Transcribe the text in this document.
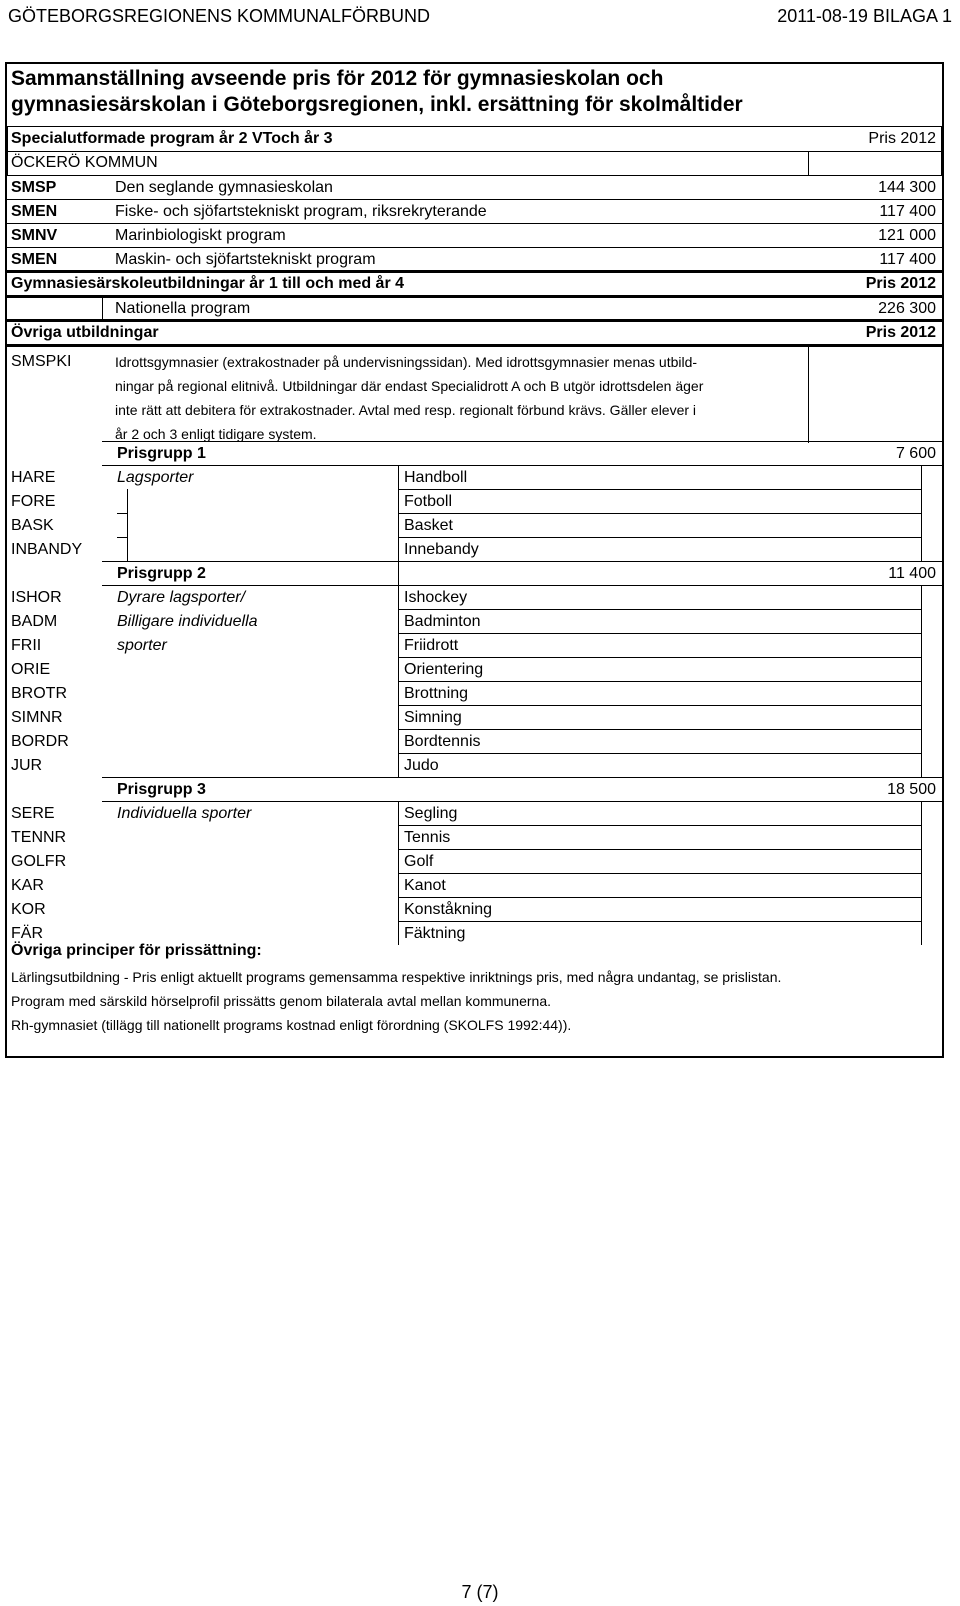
GÖTEBORGSREGIONENS KOMMUNALFÖRBUND	2011-08-19 BILAGA 1
Sammanställning avseende pris för 2012 för gymnasieskolan och
gymnasiesärskolan i Göteborgsregionen, inkl. ersättning för skolmåltider
Specialutformade program år 2 VToch år 3	Pris 2012
ÖCKERÖ KOMMUN
SMSP	Den seglande gymnasieskolan	144 300
SMEN	Fiske- och sjöfartstekniskt program, riksrekryterande	117 400
SMNV	Marinbiologiskt program	121 000
SMEN	Maskin- och sjöfartstekniskt program	117 400
Gymnasiesärskoleutbildningar år 1 till och med år 4	Pris 2012
Nationella program	226 300
Övriga utbildningar	Pris 2012
SMSPKI	Idrottsgymnasier (extrakostnader på undervisningssidan). Med idrottsgymnasier menas utbild-
ningar på regional elitnivå. Utbildningar där endast Specialidrott A och B utgör idrottsdelen äger
inte rätt att debitera för extrakostnader. Avtal med resp. regionalt förbund krävs. Gäller elever i
år 2 och 3 enligt tidigare system.
Prisgrupp 1	7 600
Lagsporter
HARE	Handboll
FORE	Fotboll
BASK	Basket
INBANDY	Innebandy
Prisgrupp 2	11 400
Dyrare lagsporter/
Billigare individuella
sporter
ISHOR	Ishockey
BADM	Badminton
FRII	Friidrott
ORIE	Orientering
BROTR	Brottning
SIMNR	Simning
BORDR	Bordtennis
JUR	Judo
Prisgrupp 3	18 500
Individuella sporter
SERE	Segling
TENNR	Tennis
GOLFR	Golf
KAR	Kanot
KOR	Konståkning
FÄR	Fäktning
Övriga principer för prissättning:
Lärlingsutbildning - Pris enligt aktuellt programs gemensamma respektive inriktnings pris, med några undantag, se prislistan.
Program med särskild hörselprofil prissätts genom bilaterala avtal mellan kommunerna.
Rh-gymnasiet (tillägg till nationellt programs kostnad enligt förordning (SKOLFS 1992:44)).
7 (7)
